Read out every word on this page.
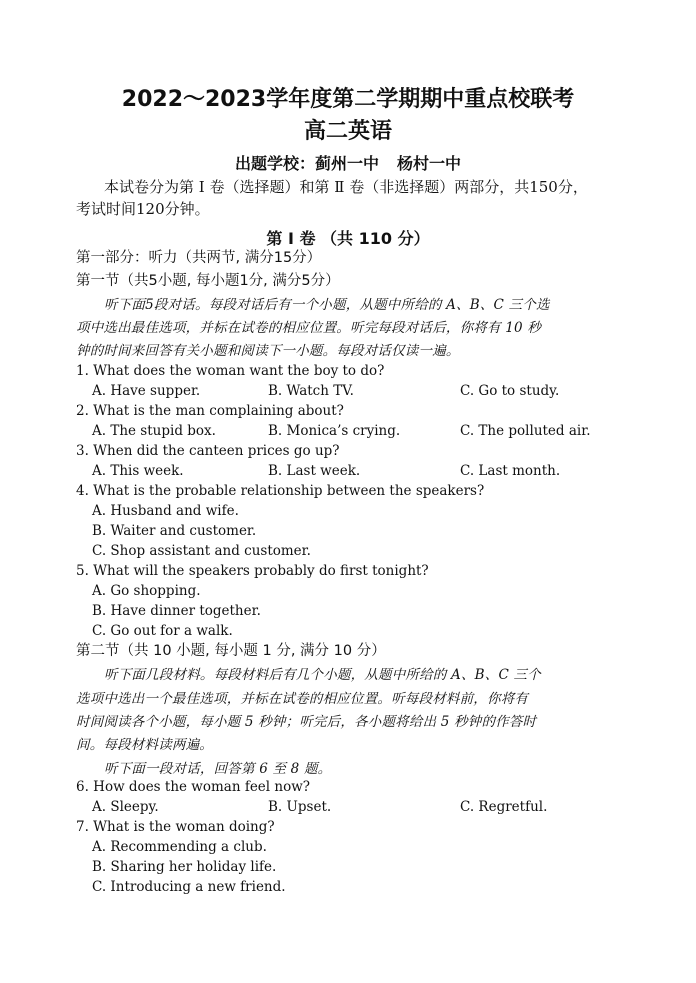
2022～2023学年度第二学期期中重点校联考
高二英语
出题学校：蓟州一中 杨村一中
本试卷分为第 Ⅰ 卷（选择题）和第 Ⅱ 卷（非选择题）两部分，共150分，
考试时间120分钟。
第 Ⅰ 卷 （共 110 分）
第一部分：听力（共两节, 满分15分）
第一节（共5小题, 每小题1分, 满分5分）
听下面5段对话。每段对话后有一个小题，从题中所给的 A、B、C 三个选
项中选出最佳选项，并标在试卷的相应位置。听完每段对话后，你将有 10 秒
钟的时间来回答有关小题和阅读下一小题。每段对话仅读一遍。
1. What does the woman want the boy to do?
A. Have supper.	B. Watch TV.	C. Go to study.
2. What is the man complaining about?
A. The stupid box.	B. Monica’s crying.	C. The polluted air.
3. When did the canteen prices go up?
A. This week.	B. Last week.	C. Last month.
4. What is the probable relationship between the speakers?
A. Husband and wife.
B. Waiter and customer.
C. Shop assistant and customer.
5. What will the speakers probably do first tonight?
A. Go shopping.
B. Have dinner together.
C. Go out for a walk.
第二节（共 10 小题, 每小题 1 分, 满分 10 分）
听下面几段材料。每段材料后有几个小题，从题中所给的 A、B、C 三个
选项中选出一个最佳选项，并标在试卷的相应位置。听每段材料前，你将有
时间阅读各个小题，每小题 5 秒钟；听完后，各小题将给出 5 秒钟的作答时
间。每段材料读两遍。
听下面一段对话，回答第 6 至 8 题。
6. How does the woman feel now?
A. Sleepy.	B. Upset.	C. Regretful.
7. What is the woman doing?
A. Recommending a club.
B. Sharing her holiday life.
C. Introducing a new friend.
